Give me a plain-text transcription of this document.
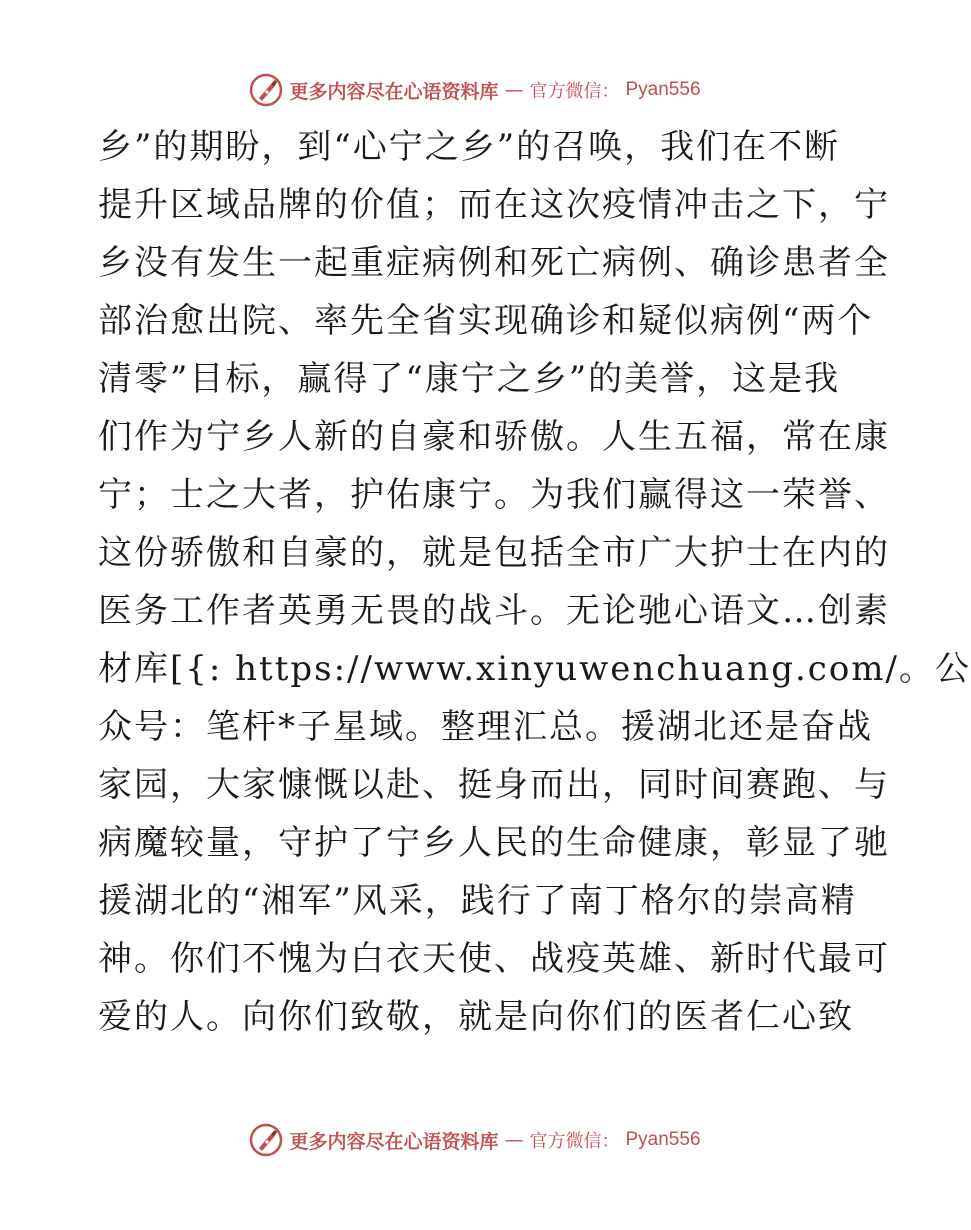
更多内容尽在心语资料库 — 官方微信： Pyan556
乡”的期盼，到“心宁之乡”的召唤，我们在不断
提升区域品牌的价值；而在这次疫情冲击之下，宁
乡没有发生一起重症病例和死亡病例、确诊患者全
部治愈出院、率先全省实现确诊和疑似病例“两个
清零”目标，赢得了“康宁之乡”的美誉，这是我
们作为宁乡人新的自豪和骄傲。人生五福，常在康
宁；士之大者，护佑康宁。为我们赢得这一荣誉、
这份骄傲和自豪的，就是包括全市广大护士在内的
医务工作者英勇无畏的战斗。无论驰心语文…创素
材库[{: https://www.xinyuwenchuang.com/。公
众号：笔杆*子星域。整理汇总。援湖北还是奋战
家园，大家慷慨以赴、挺身而出，同时间赛跑、与
病魔较量，守护了宁乡人民的生命健康，彰显了驰
援湖北的“湘军”风采，践行了南丁格尔的崇高精
神。你们不愧为白衣天使、战疫英雄、新时代最可
爱的人。向你们致敬，就是向你们的医者仁心致
更多内容尽在心语资料库 — 官方微信： Pyan556
